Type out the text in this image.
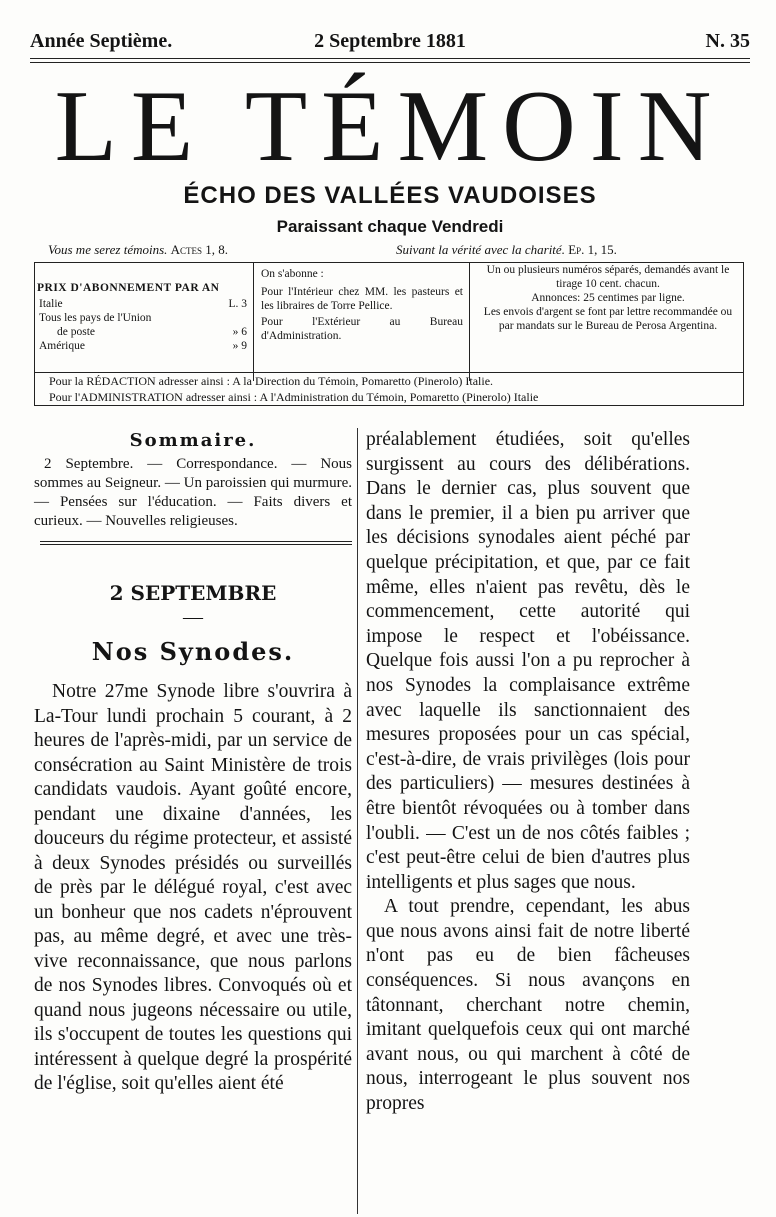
Année Septième.	2 Septembre 1881	N. 35
LE TÉMOIN
ÉCHO DES VALLÉES VAUDOISES
Paraissant chaque Vendredi
Vous me serez témoins. Actes 1, 8.	Suivant la vérité avec la charité. Ep. 1, 15.
PRIX D'ABONNEMENT PAR AN
Italie	L. 3
Tous les pays de l'Union
de poste	» 6
Amérique	» 9
On s'abonne :
Pour l'Intérieur chez MM. les pasteurs et les libraires de Torre Pellice.
Pour l'Extérieur au Bureau d'Administration.
Un ou plusieurs numéros séparés, demandés avant le tirage 10 cent. chacun.
Annonces: 25 centimes par ligne.
Les envois d'argent se font par lettre recommandée ou par mandats sur le Bureau de Perosa Argentina.
Pour la RÉDACTION adresser ainsi : A la Direction du Témoin, Pomaretto (Pinerolo) Italie.
Pour l'ADMINISTRATION adresser ainsi : A l'Administration du Témoin, Pomaretto (Pinerolo) Italie
Sommaire.
2 Septembre. — Correspondance. — Nous sommes au Seigneur. — Un paroissien qui murmure. — Pensées sur l'éducation. — Faits divers et curieux. — Nouvelles religieuses.
2 SEPTEMBRE
—
Nos Synodes.
Notre 27me Synode libre s'ouvrira à La-Tour lundi prochain 5 courant, à 2 heures de l'après-midi, par un service de consécration au Saint Ministère de trois candidats vaudois. Ayant goûté encore, pendant une dixaine d'années, les douceurs du régime protecteur, et assisté à deux Synodes présidés ou surveillés de près par le délégué royal, c'est avec un bonheur que nos cadets n'éprouvent pas, au même degré, et avec une très-vive reconnaissance, que nous parlons de nos Synodes libres. Convoqués où et quand nous jugeons nécessaire ou utile, ils s'occupent de toutes les questions qui intéressent à quelque degré la prospérité de l'église, soit qu'elles aient été
préalablement étudiées, soit qu'elles surgissent au cours des délibérations. Dans le dernier cas, plus souvent que dans le premier, il a bien pu arriver que les décisions synodales aient péché par quelque précipitation, et que, par ce fait même, elles n'aient pas revêtu, dès le commencement, cette autorité qui impose le respect et l'obéissance. Quelque fois aussi l'on a pu reprocher à nos Synodes la complaisance extrême avec laquelle ils sanctionnaient des mesures proposées pour un cas spécial, c'est-à-dire, de vrais privilèges (lois pour des particuliers) — mesures destinées à être bientôt révoquées ou à tomber dans l'oubli. — C'est un de nos côtés faibles ; c'est peut-être celui de bien d'autres plus intelligents et plus sages que nous.
A tout prendre, cependant, les abus que nous avons ainsi fait de notre liberté n'ont pas eu de bien fâcheuses conséquences. Si nous avançons en tâtonnant, cherchant notre chemin, imitant quelquefois ceux qui ont marché avant nous, ou qui marchent à côté de nous, interrogeant le plus souvent nos propres
